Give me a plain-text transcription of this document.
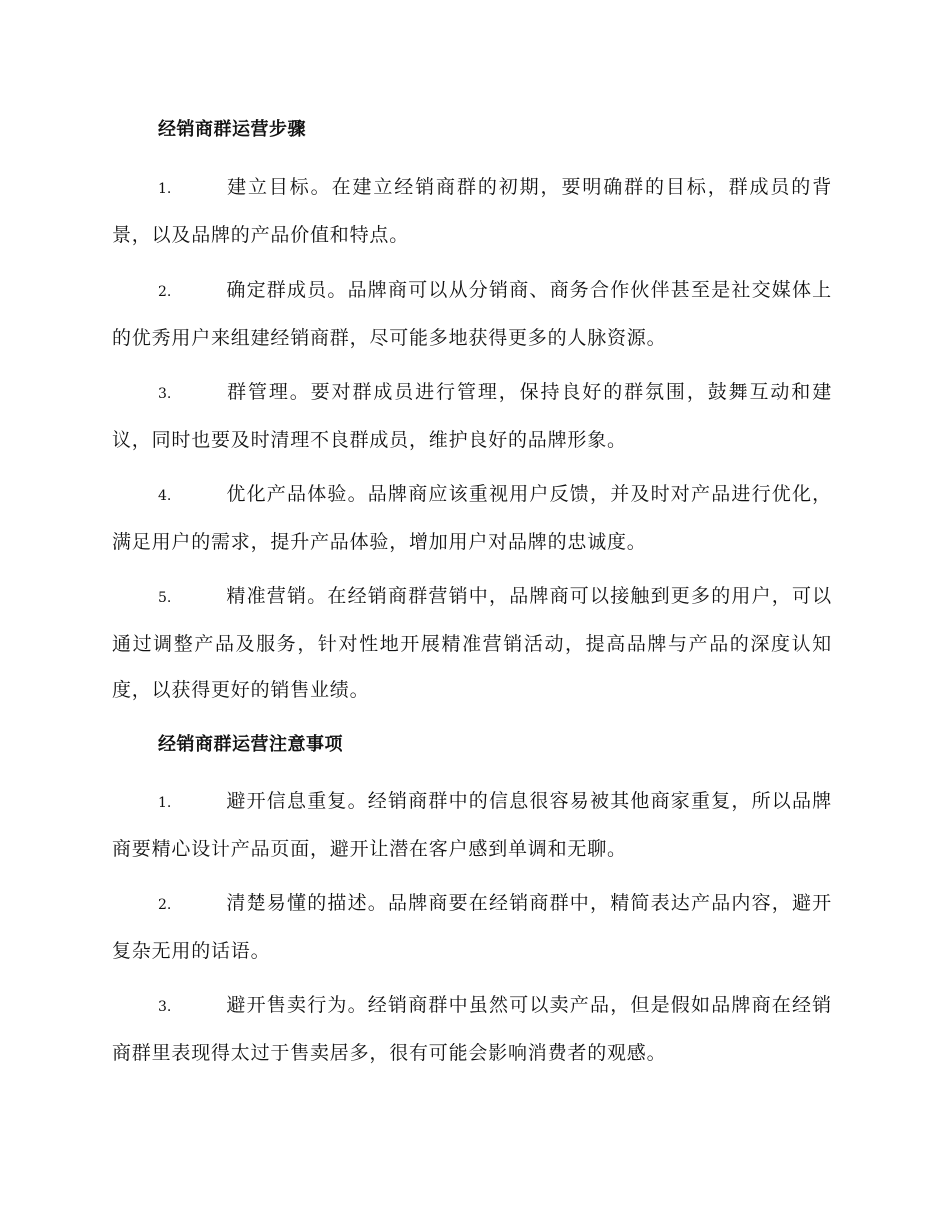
经销商群运营步骤

1.	建立目标。在建立经销商群的初期，要明确群的目标，群成员的背景，以及品牌的产品价值和特点。

2.	确定群成员。品牌商可以从分销商、商务合作伙伴甚至是社交媒体上的优秀用户来组建经销商群，尽可能多地获得更多的人脉资源。

3.	群管理。要对群成员进行管理，保持良好的群氛围，鼓舞互动和建议，同时也要及时清理不良群成员，维护良好的品牌形象。

4.	优化产品体验。品牌商应该重视用户反馈，并及时对产品进行优化，满足用户的需求，提升产品体验，增加用户对品牌的忠诚度。

5.	精准营销。在经销商群营销中，品牌商可以接触到更多的用户，可以通过调整产品及服务，针对性地开展精准营销活动，提高品牌与产品的深度认知度，以获得更好的销售业绩。

经销商群运营注意事项

1.	避开信息重复。经销商群中的信息很容易被其他商家重复，所以品牌商要精心设计产品页面，避开让潜在客户感到单调和无聊。

2.	清楚易懂的描述。品牌商要在经销商群中，精简表达产品内容，避开复杂无用的话语。

3.	避开售卖行为。经销商群中虽然可以卖产品，但是假如品牌商在经销商群里表现得太过于售卖居多，很有可能会影响消费者的观感。
